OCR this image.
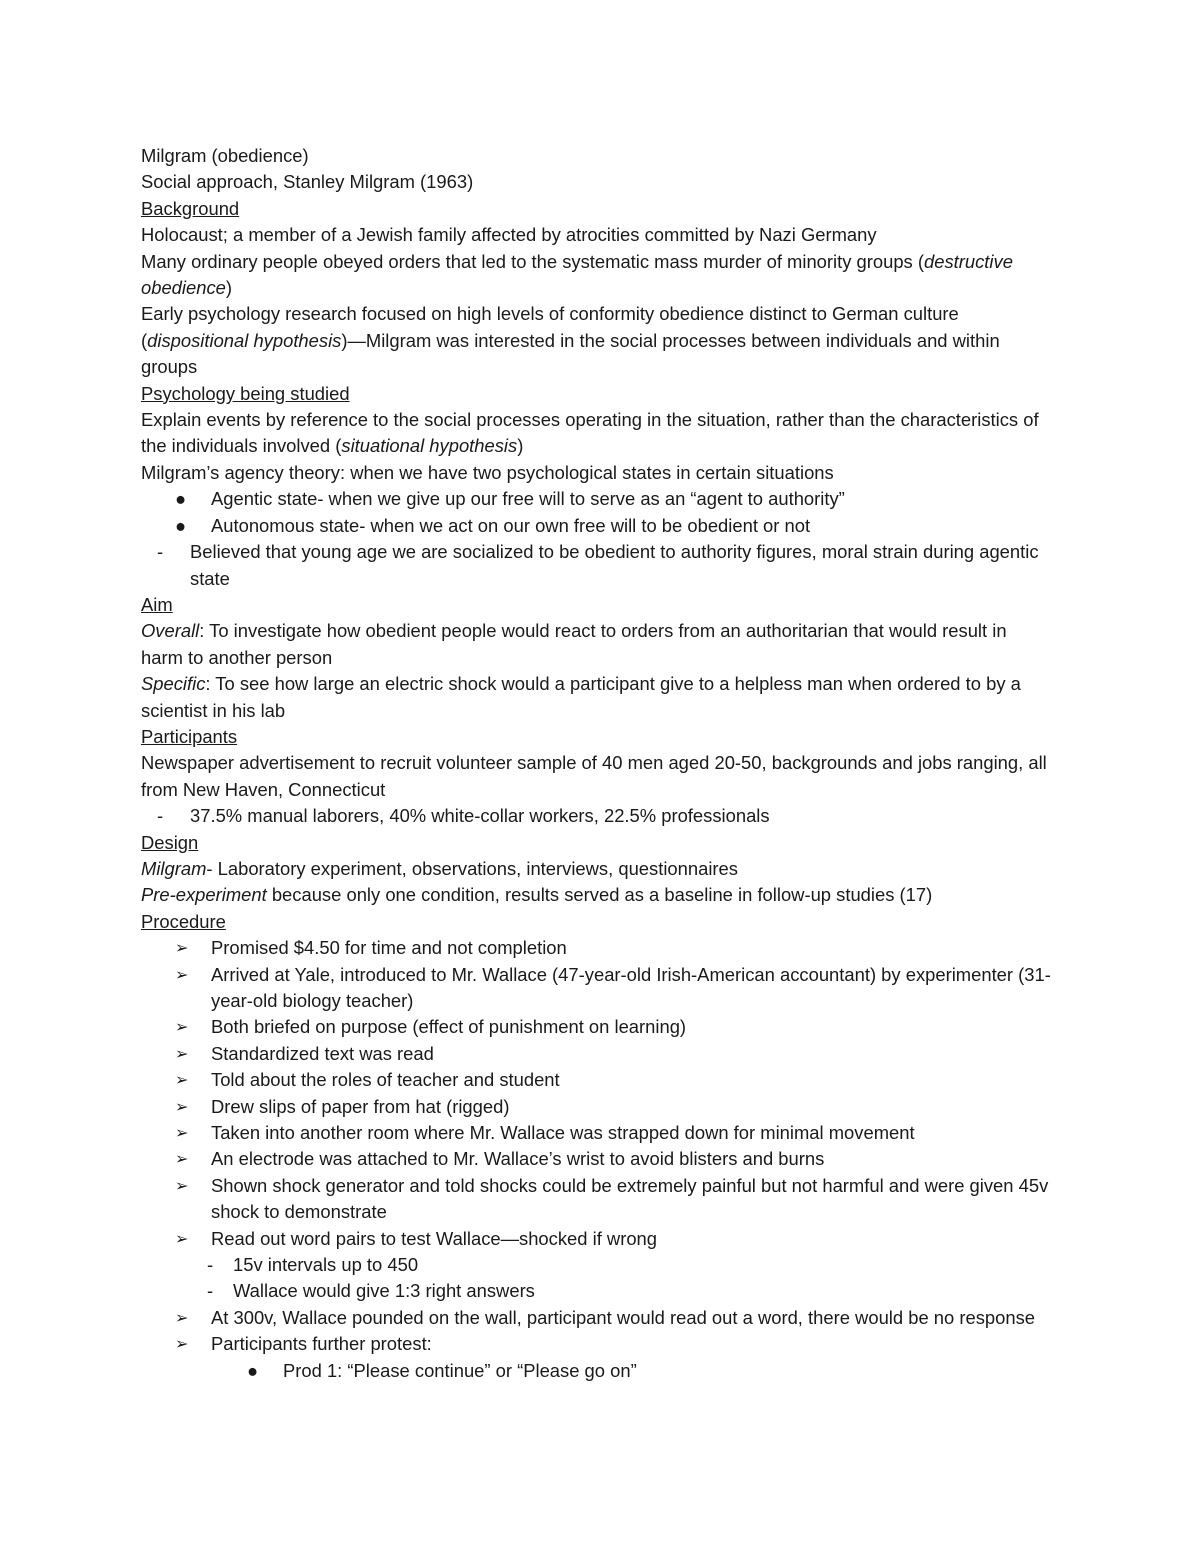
Milgram (obedience)

Social approach, Stanley Milgram (1963)

Background

Holocaust; a member of a Jewish family affected by atrocities committed by Nazi Germany

Many ordinary people obeyed orders that led to the systematic mass murder of minority groups (destructive obedience)

Early psychology research focused on high levels of conformity obedience distinct to German culture (dispositional hypothesis)—Milgram was interested in the social processes between individuals and within groups

Psychology being studied

Explain events by reference to the social processes operating in the situation, rather than the characteristics of the individuals involved (situational hypothesis)

Milgram’s agency theory: when we have two psychological states in certain situations

● Agentic state- when we give up our free will to serve as an “agent to authority”

● Autonomous state- when we act on our own free will to be obedient or not

- Believed that young age we are socialized to be obedient to authority figures, moral strain during agentic state

Aim

Overall: To investigate how obedient people would react to orders from an authoritarian that would result in harm to another person

Specific: To see how large an electric shock would a participant give to a helpless man when ordered to by a scientist in his lab

Participants

Newspaper advertisement to recruit volunteer sample of 40 men aged 20-50, backgrounds and jobs ranging, all from New Haven, Connecticut

- 37.5% manual laborers, 40% white-collar workers, 22.5% professionals

Design

Milgram- Laboratory experiment, observations, interviews, questionnaires

Pre-experiment because only one condition, results served as a baseline in follow-up studies (17)

Procedure

➢ Promised $4.50 for time and not completion

➢ Arrived at Yale, introduced to Mr. Wallace (47-year-old Irish-American accountant) by experimenter (31-year-old biology teacher)

➢ Both briefed on purpose (effect of punishment on learning)

➢ Standardized text was read

➢ Told about the roles of teacher and student

➢ Drew slips of paper from hat (rigged)

➢ Taken into another room where Mr. Wallace was strapped down for minimal movement

➢ An electrode was attached to Mr. Wallace’s wrist to avoid blisters and burns

➢ Shown shock generator and told shocks could be extremely painful but not harmful and were given 45v shock to demonstrate

➢ Read out word pairs to test Wallace—shocked if wrong

- 15v intervals up to 450

- Wallace would give 1:3 right answers

➢ At 300v, Wallace pounded on the wall, participant would read out a word, there would be no response

➢ Participants further protest:

● Prod 1: “Please continue” or “Please go on”
